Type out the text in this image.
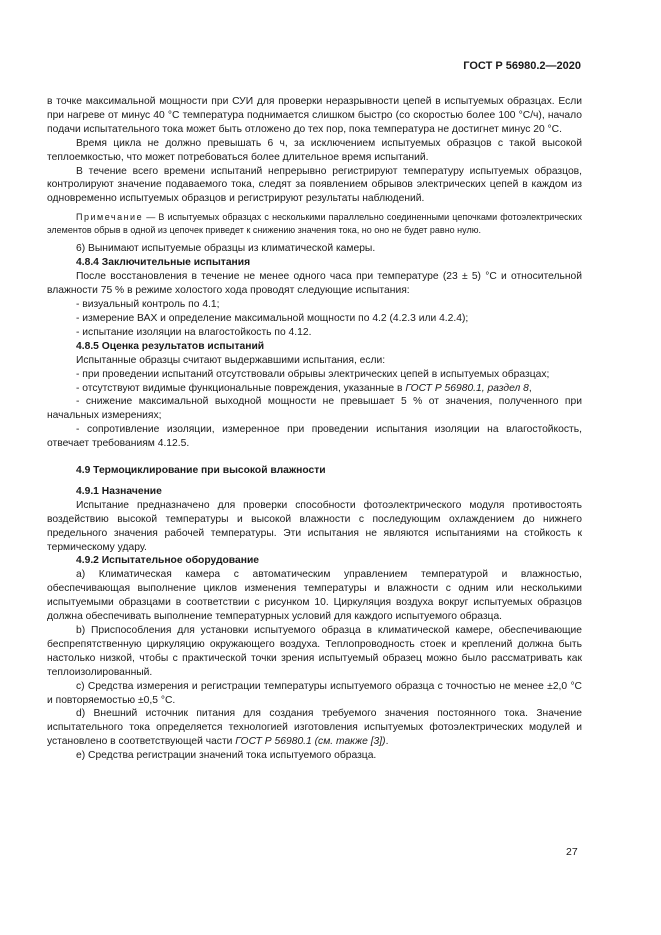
ГОСТ Р 56980.2—2020

в точке максимальной мощности при СУИ для проверки неразрывности цепей в испытуемых образцах. Если при нагреве от минус 40 °С температура поднимается слишком быстро (со скоростью более 100 °С/ч), начало подачи испытательного тока может быть отложено до тех пор, пока температура не достигнет минус 20 °С.

Время цикла не должно превышать 6 ч, за исключением испытуемых образцов с такой высокой теплоемкостью, что может потребоваться более длительное время испытаний.

В течение всего времени испытаний непрерывно регистрируют температуру испытуемых образцов, контролируют значение подаваемого тока, следят за появлением обрывов электрических цепей в каждом из одновременно испытуемых образцов и регистрируют результаты наблюдений.

Примечание — В испытуемых образцах с несколькими параллельно соединенными цепочками фотоэлектрических элементов обрыв в одной из цепочек приведет к снижению значения тока, но оно не будет равно нулю.

6) Вынимают испытуемые образцы из климатической камеры.

4.8.4 Заключительные испытания

После восстановления в течение не менее одного часа при температуре (23 ± 5) °С и относительной влажности 75 % в режиме холостого хода проводят следующие испытания:

- визуальный контроль по 4.1;

- измерение ВАХ и определение максимальной мощности по 4.2 (4.2.3 или 4.2.4);

- испытание изоляции на влагостойкость по 4.12.

4.8.5 Оценка результатов испытаний

Испытанные образцы считают выдержавшими испытания, если:

- при проведении испытаний отсутствовали обрывы электрических цепей в испытуемых образцах;

- отсутствуют видимые функциональные повреждения, указанные в ГОСТ Р 56980.1, раздел 8,

- снижение максимальной выходной мощности не превышает 5 % от значения, полученного при начальных измерениях;

- сопротивление изоляции, измеренное при проведении испытания изоляции на влагостойкость, отвечает требованиям 4.12.5.

4.9 Термоциклирование при высокой влажности

4.9.1 Назначение

Испытание предназначено для проверки способности фотоэлектрического модуля противостоять воздействию высокой температуры и высокой влажности с последующим охлаждением до нижнего предельного значения рабочей температуры. Эти испытания не являются испытаниями на стойкость к термическому удару.

4.9.2 Испытательное оборудование

а) Климатическая камера с автоматическим управлением температурой и влажностью, обеспечивающая выполнение циклов изменения температуры и влажности с одним или несколькими испытуемыми образцами в соответствии с рисунком 10. Циркуляция воздуха вокруг испытуемых образцов должна обеспечивать выполнение температурных условий для каждого испытуемого образца.

b) Приспособления для установки испытуемого образца в климатической камере, обеспечивающие беспрепятственную циркуляцию окружающего воздуха. Теплопроводность стоек и креплений должна быть настолько низкой, чтобы с практической точки зрения испытуемый образец можно было рассматривать как теплоизолированный.

c) Средства измерения и регистрации температуры испытуемого образца с точностью не менее ±2,0 °С и повторяемостью ±0,5 °С.

d) Внешний источник питания для создания требуемого значения постоянного тока. Значение испытательного тока определяется технологией изготовления испытуемых фотоэлектрических модулей и установлено в соответствующей части ГОСТ Р 56980.1 (см. также [3]).

е) Средства регистрации значений тока испытуемого образца.

27
